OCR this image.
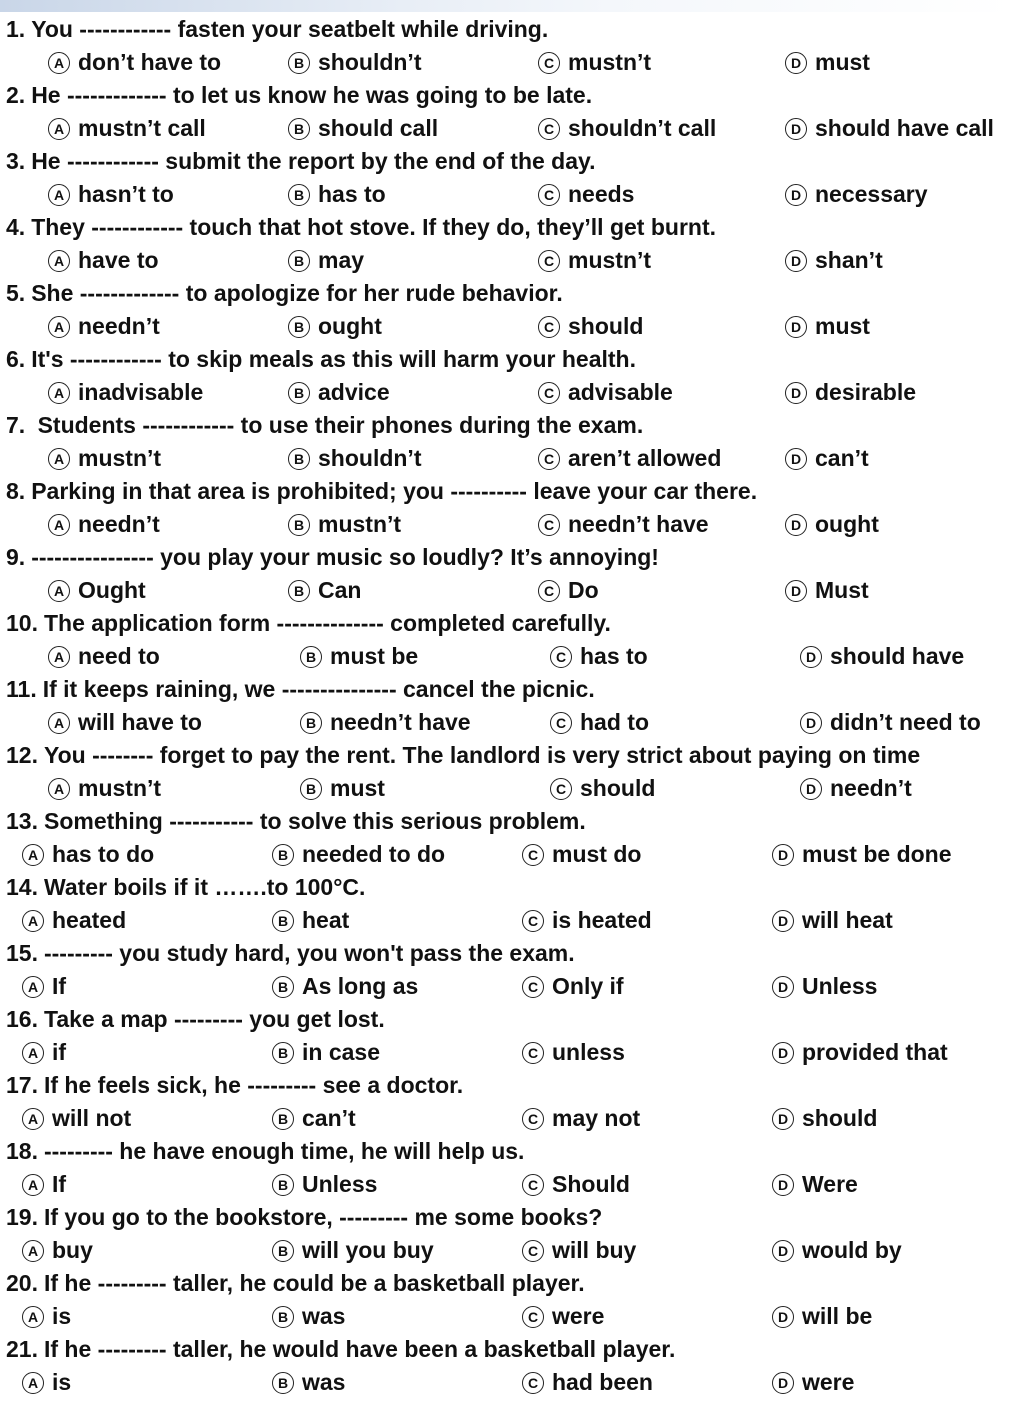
1. You ------------ fasten your seatbelt while driving.
A don’t have to	B shouldn’t	C mustn’t	D must
2. He ------------- to let us know he was going to be late.
A mustn’t call	B should call	C shouldn’t call	D should have call
3. He ------------ submit the report by the end of the day.
A hasn’t to	B has to	C needs	D necessary
4. They ------------ touch that hot stove. If they do, they’ll get burnt.
A have to	B may	C mustn’t	D shan’t
5. She ------------- to apologize for her rude behavior.
A needn’t	B ought	C should	D must
6. It's ------------ to skip meals as this will harm your health.
A inadvisable	B advice	C advisable	D desirable
7. Students ------------ to use their phones during the exam.
A mustn’t	B shouldn’t	C aren’t allowed	D can’t
8. Parking in that area is prohibited; you ---------- leave your car there.
A needn’t	B mustn’t	C needn’t have	D ought
9. ---------------- you play your music so loudly? It’s annoying!
A Ought	B Can	C Do	D Must
10. The application form -------------- completed carefully.
A need to	B must be	C has to	D should have
11. If it keeps raining, we --------------- cancel the picnic.
A will have to	B needn’t have	C had to	D didn’t need to
12. You -------- forget to pay the rent. The landlord is very strict about paying on time
A mustn’t	B must	C should	D needn’t
13. Something ----------- to solve this serious problem.
A has to do	B needed to do	C must do	D must be done
14. Water boils if it …….to 100°C.
A heated	B heat	C is heated	D will heat
15. --------- you study hard, you won't pass the exam.
A If	B As long as	C Only if	D Unless
16. Take a map --------- you get lost.
A if	B in case	C unless	D provided that
17. If he feels sick, he --------- see a doctor.
A will not	B can’t	C may not	D should
18. --------- he have enough time, he will help us.
A If	B Unless	C Should	D Were
19. If you go to the bookstore, --------- me some books?
A buy	B will you buy	C will buy	D would by
20. If he --------- taller, he could be a basketball player.
A is	B was	C were	D will be
21. If he --------- taller, he would have been a basketball player.
A is	B was	C had been	D were
